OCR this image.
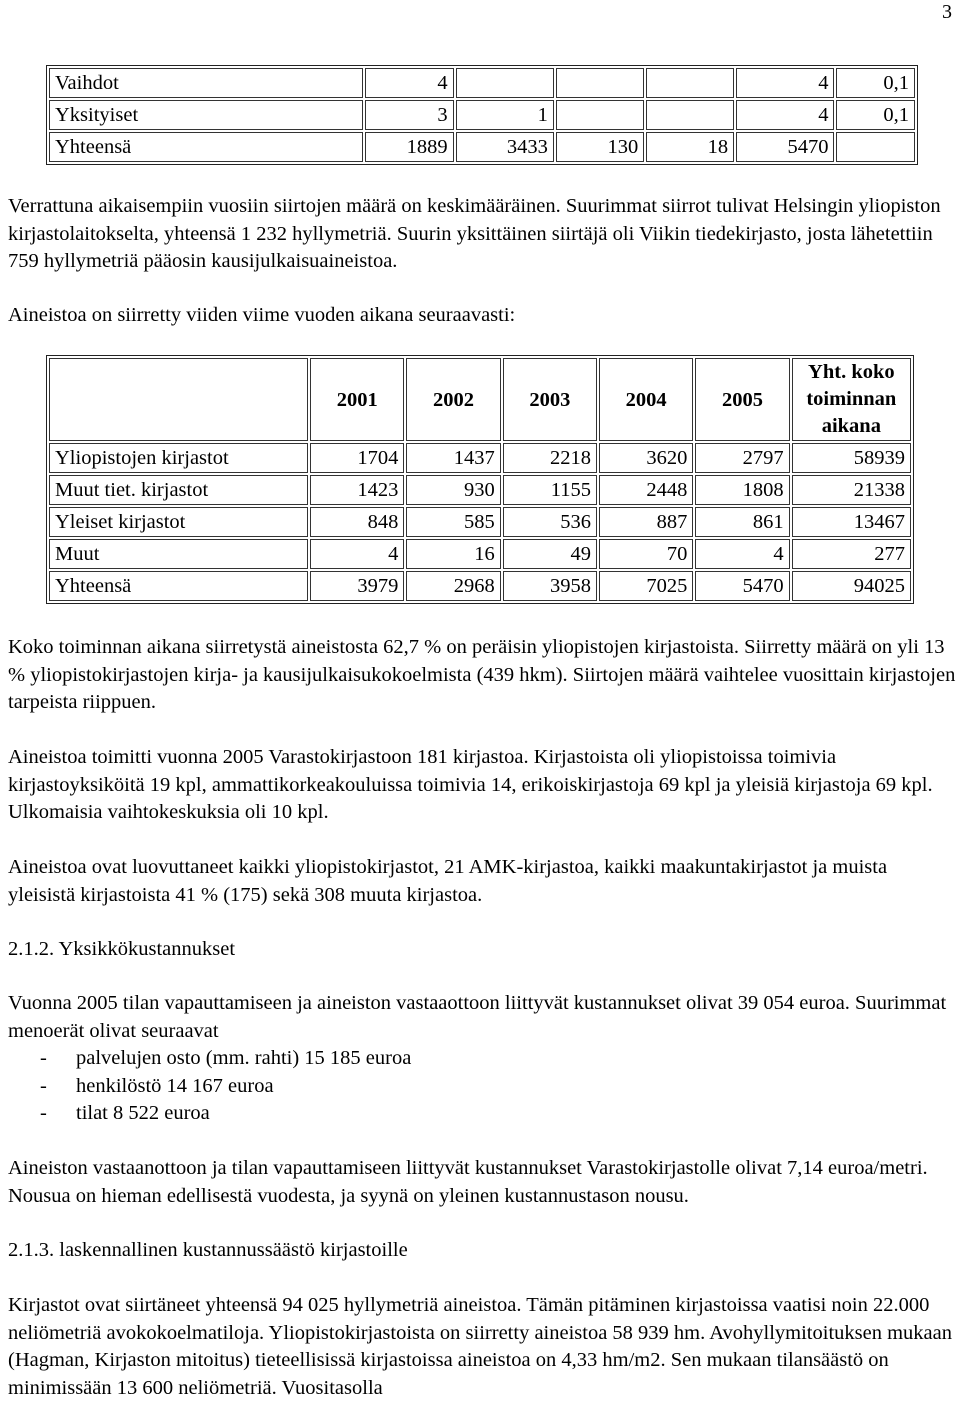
3
Vaihdot	4				4	0,1
Yksityiset	3	1			4	0,1
Yhteensä	1889	3433	130	18	5470	

Verrattuna aikaisempiin vuosiin siirtojen määrä on keskimääräinen. Suurimmat siirrot tulivat Helsingin yliopiston kirjastolaitokselta, yhteensä 1 232 hyllymetriä. Suurin yksittäinen siirtäjä oli Viikin tiedekirjasto, josta lähetettiin 759 hyllymetriä pääosin kausijulkaisuaineistoa.

Aineistoa on siirretty viiden viime vuoden aikana seuraavasti:

	2001	2002	2003	2004	2005	Yht. koko toiminnan aikana
Yliopistojen kirjastot	1704	1437	2218	3620	2797	58939
Muut tiet. kirjastot	1423	930	1155	2448	1808	21338
Yleiset kirjastot	848	585	536	887	861	13467
Muut	4	16	49	70	4	277
Yhteensä	3979	2968	3958	7025	5470	94025

Koko toiminnan aikana siirretystä aineistosta 62,7 % on peräisin yliopistojen kirjastoista. Siirretty määrä on yli 13 % yliopistokirjastojen kirja- ja kausijulkaisukokoelmista (439 hkm). Siirtojen määrä vaihtelee vuosittain kirjastojen tarpeista riippuen.

Aineistoa toimitti vuonna 2005 Varastokirjastoon 181 kirjastoa. Kirjastoista oli yliopistoissa toimivia kirjastoyksiköitä 19 kpl, ammattikorkeakouluissa toimivia 14, erikoiskirjastoja 69 kpl ja yleisiä kirjastoja 69 kpl. Ulkomaisia vaihtokeskuksia oli 10 kpl.

Aineistoa ovat luovuttaneet kaikki yliopistokirjastot, 21 AMK-kirjastoa, kaikki maakuntakirjastot ja muista yleisistä kirjastoista 41 % (175) sekä 308 muuta kirjastoa.

2.1.2. Yksikkökustannukset

Vuonna 2005 tilan vapauttamiseen ja aineiston vastaaottoon liittyvät kustannukset olivat 39 054 euroa. Suurimmat menoerät olivat seuraavat

- palvelujen osto (mm. rahti) 15 185 euroa
- henkilöstö 14 167 euroa
- tilat 8 522 euroa

Aineiston vastaanottoon ja tilan vapauttamiseen liittyvät kustannukset Varastokirjastolle olivat 7,14 euroa/metri. Nousua on hieman edellisestä vuodesta, ja syynä on yleinen kustannustason nousu.

2.1.3. laskennallinen kustannussäästö kirjastoille

Kirjastot ovat siirtäneet yhteensä 94 025 hyllymetriä aineistoa. Tämän pitäminen kirjastoissa vaatisi noin 22.000 neliömetriä avokokoelmatiloja. Yliopistokirjastoista on siirretty aineistoa 58 939 hm. Avohyllymitoituksen mukaan (Hagman, Kirjaston mitoitus) tieteellisissä kirjastoissa aineistoa on 4,33 hm/m2. Sen mukaan tilansäästö on minimissään 13 600 neliömetriä. Vuositasolla
